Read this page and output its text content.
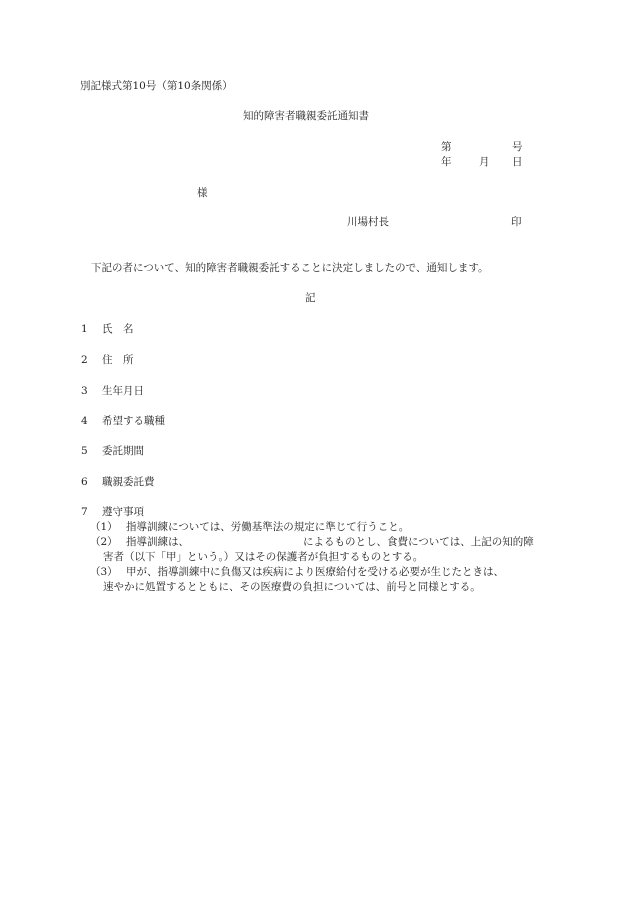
別記様式第10号（第10条関係）
知的障害者職親委託通知書
第	号
年	月 日
様
川場村長	印
下記の者について、知的障害者職親委託することに決定しましたので、通知します。
記
1 氏　名
2 住　所
3 生年月日
4 希望する職種
5 委託期間
6 職親委託費
7 遵守事項
（1） 指導訓練については、労働基準法の規定に準じて行うこと。
（2） 指導訓練は、	によるものとし、食費については、上記の知的障
害者（以下「甲」という。）又はその保護者が負担するものとする。
（3） 甲が、指導訓練中に負傷又は疾病により医療給付を受ける必要が生じたときは、
速やかに処置するとともに、その医療費の負担については、前号と同様とする。
